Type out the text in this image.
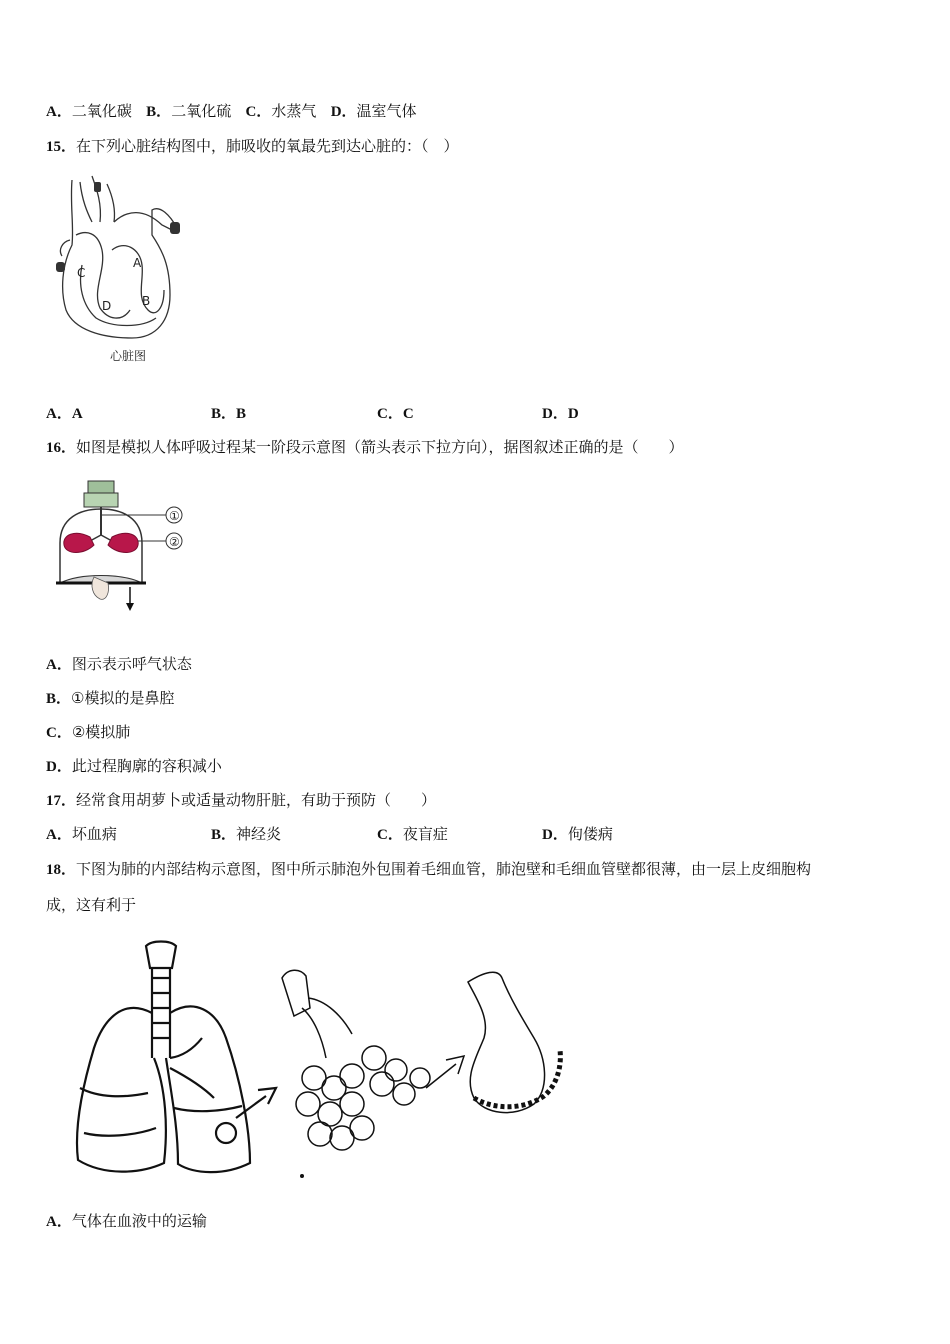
A．二氧化碳 B．二氧化硫 C．水蒸气 D．温室气体
15．在下列心脏结构图中，肺吸收的氧最先到达心脏的：（　）
A
B
C
D
心脏图
A．A	B．B	C．C	D．D
16．如图是模拟人体呼吸过程某一阶段示意图（箭头表示下拉方向），据图叙述正确的是（　　）
①
②
A．图示表示呼气状态
B．①模拟的是鼻腔
C．②模拟肺
D．此过程胸廓的容积减小
17．经常食用胡萝卜或适量动物肝脏，有助于预防（　　）
A．坏血病	B．神经炎	C．夜盲症	D．佝偻病
18．下图为肺的内部结构示意图，图中所示肺泡外包围着毛细血管，肺泡壁和毛细血管壁都很薄，由一层上皮细胞构
成，这有利于
A．气体在血液中的运输
